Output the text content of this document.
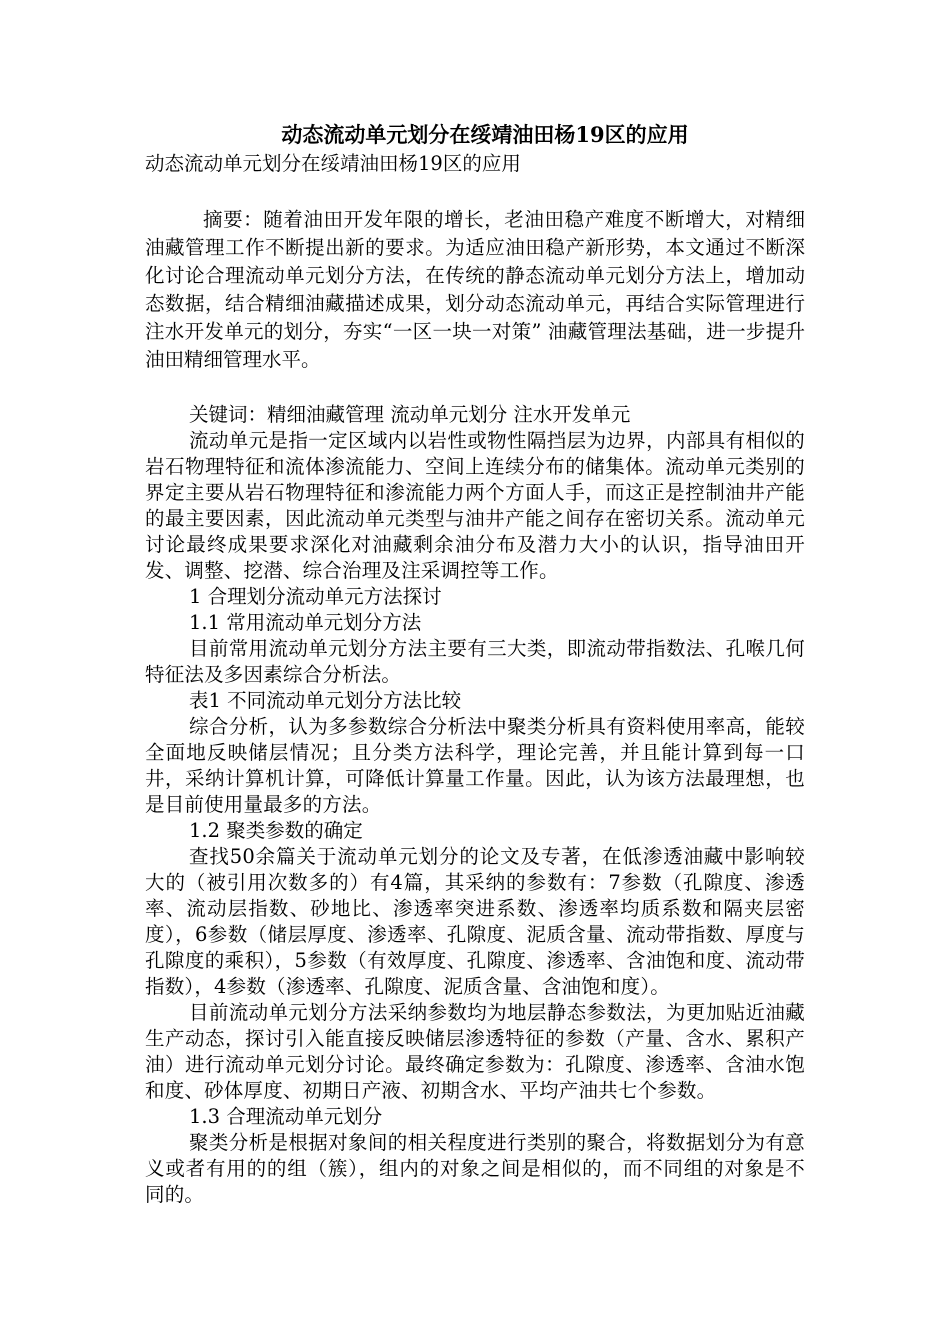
动态流动单元划分在绥靖油田杨19区的应用
动态流动单元划分在绥靖油田杨19区的应用

摘要：随着油田开发年限的增长，老油田稳产难度不断增大，对精细油藏管理工作不断提出新的要求。为适应油田稳产新形势，本文通过不断深化讨论合理流动单元划分方法，在传统的静态流动单元划分方法上，增加动态数据，结合精细油藏描述成果，划分动态流动单元，再结合实际管理进行注水开发单元的划分，夯实“一区一块一对策” 油藏管理法基础，进一步提升油田精细管理水平。

关键词：精细油藏管理 流动单元划分 注水开发单元

流动单元是指一定区域内以岩性或物性隔挡层为边界，内部具有相似的岩石物理特征和流体渗流能力、空间上连续分布的储集体。流动单元类别的界定主要从岩石物理特征和渗流能力两个方面人手，而这正是控制油井产能的最主要因素，因此流动单元类型与油井产能之间存在密切关系。流动单元讨论最终成果要求深化对油藏剩余油分布及潜力大小的认识，指导油田开发、调整、挖潜、综合治理及注采调控等工作。

1 合理划分流动单元方法探讨

1.1 常用流动单元划分方法

目前常用流动单元划分方法主要有三大类，即流动带指数法、孔喉几何特征法及多因素综合分析法。

表1 不同流动单元划分方法比较

综合分析，认为多参数综合分析法中聚类分析具有资料使用率高，能较全面地反映储层情况；且分类方法科学，理论完善，并且能计算到每一口井，采纳计算机计算，可降低计算量工作量。因此，认为该方法最理想，也是目前使用量最多的方法。

1.2 聚类参数的确定

查找50余篇关于流动单元划分的论文及专著，在低渗透油藏中影响较大的（被引用次数多的）有4篇，其采纳的参数有：7参数（孔隙度、渗透率、流动层指数、砂地比、渗透率突进系数、渗透率均质系数和隔夹层密度），6参数（储层厚度、渗透率、孔隙度、泥质含量、流动带指数、厚度与孔隙度的乘积），5参数（有效厚度、孔隙度、渗透率、含油饱和度、流动带指数），4参数（渗透率、孔隙度、泥质含量、含油饱和度）。

目前流动单元划分方法采纳参数均为地层静态参数法，为更加贴近油藏生产动态，探讨引入能直接反映储层渗透特征的参数（产量、含水、累积产油）进行流动单元划分讨论。最终确定参数为：孔隙度、渗透率、含油水饱和度、砂体厚度、初期日产液、初期含水、平均产油共七个参数。

1.3 合理流动单元划分

聚类分析是根据对象间的相关程度进行类别的聚合，将数据划分为有意义或者有用的的组（簇），组内的对象之间是相似的，而不同组的对象是不同的。
